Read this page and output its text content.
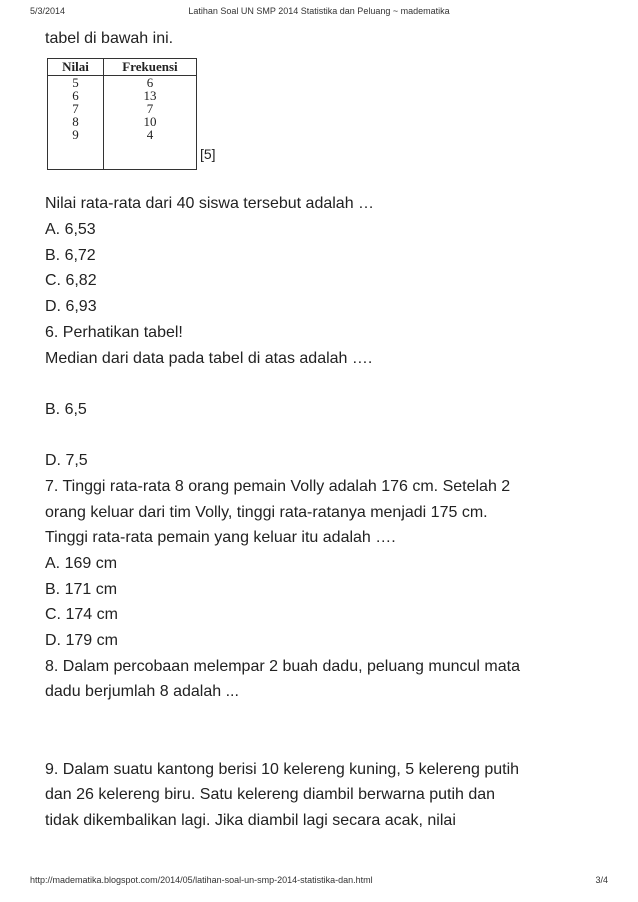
5/3/2014	Latihan Soal UN SMP 2014 Statistika dan Peluang ~ madematika
tabel di bawah ini.
Nilai	Frekuensi
5	6
6	13
7	7
8	10
9	4

[5]
Nilai rata-rata dari 40 siswa tersebut adalah …
A. 6,53
B. 6,72
C. 6,82
D. 6,93
6. Perhatikan tabel!
Median dari data pada tabel di atas adalah ….
B. 6,5
D. 7,5
7. Tinggi rata-rata 8 orang pemain Volly adalah 176 cm. Setelah 2
orang keluar dari tim Volly, tinggi rata-ratanya menjadi 175 cm.
Tinggi rata-rata pemain yang keluar itu adalah ….
A. 169 cm
B. 171 cm
C. 174 cm
D. 179 cm
8. Dalam percobaan melempar 2 buah dadu, peluang muncul mata
dadu berjumlah 8 adalah ...
9. Dalam suatu kantong berisi 10 kelereng kuning, 5 kelereng putih
dan 26 kelereng biru. Satu kelereng diambil berwarna putih dan
tidak dikembalikan lagi. Jika diambil lagi secara acak, nilai
http://madematika.blogspot.com/2014/05/latihan-soal-un-smp-2014-statistika-dan.html	3/4
